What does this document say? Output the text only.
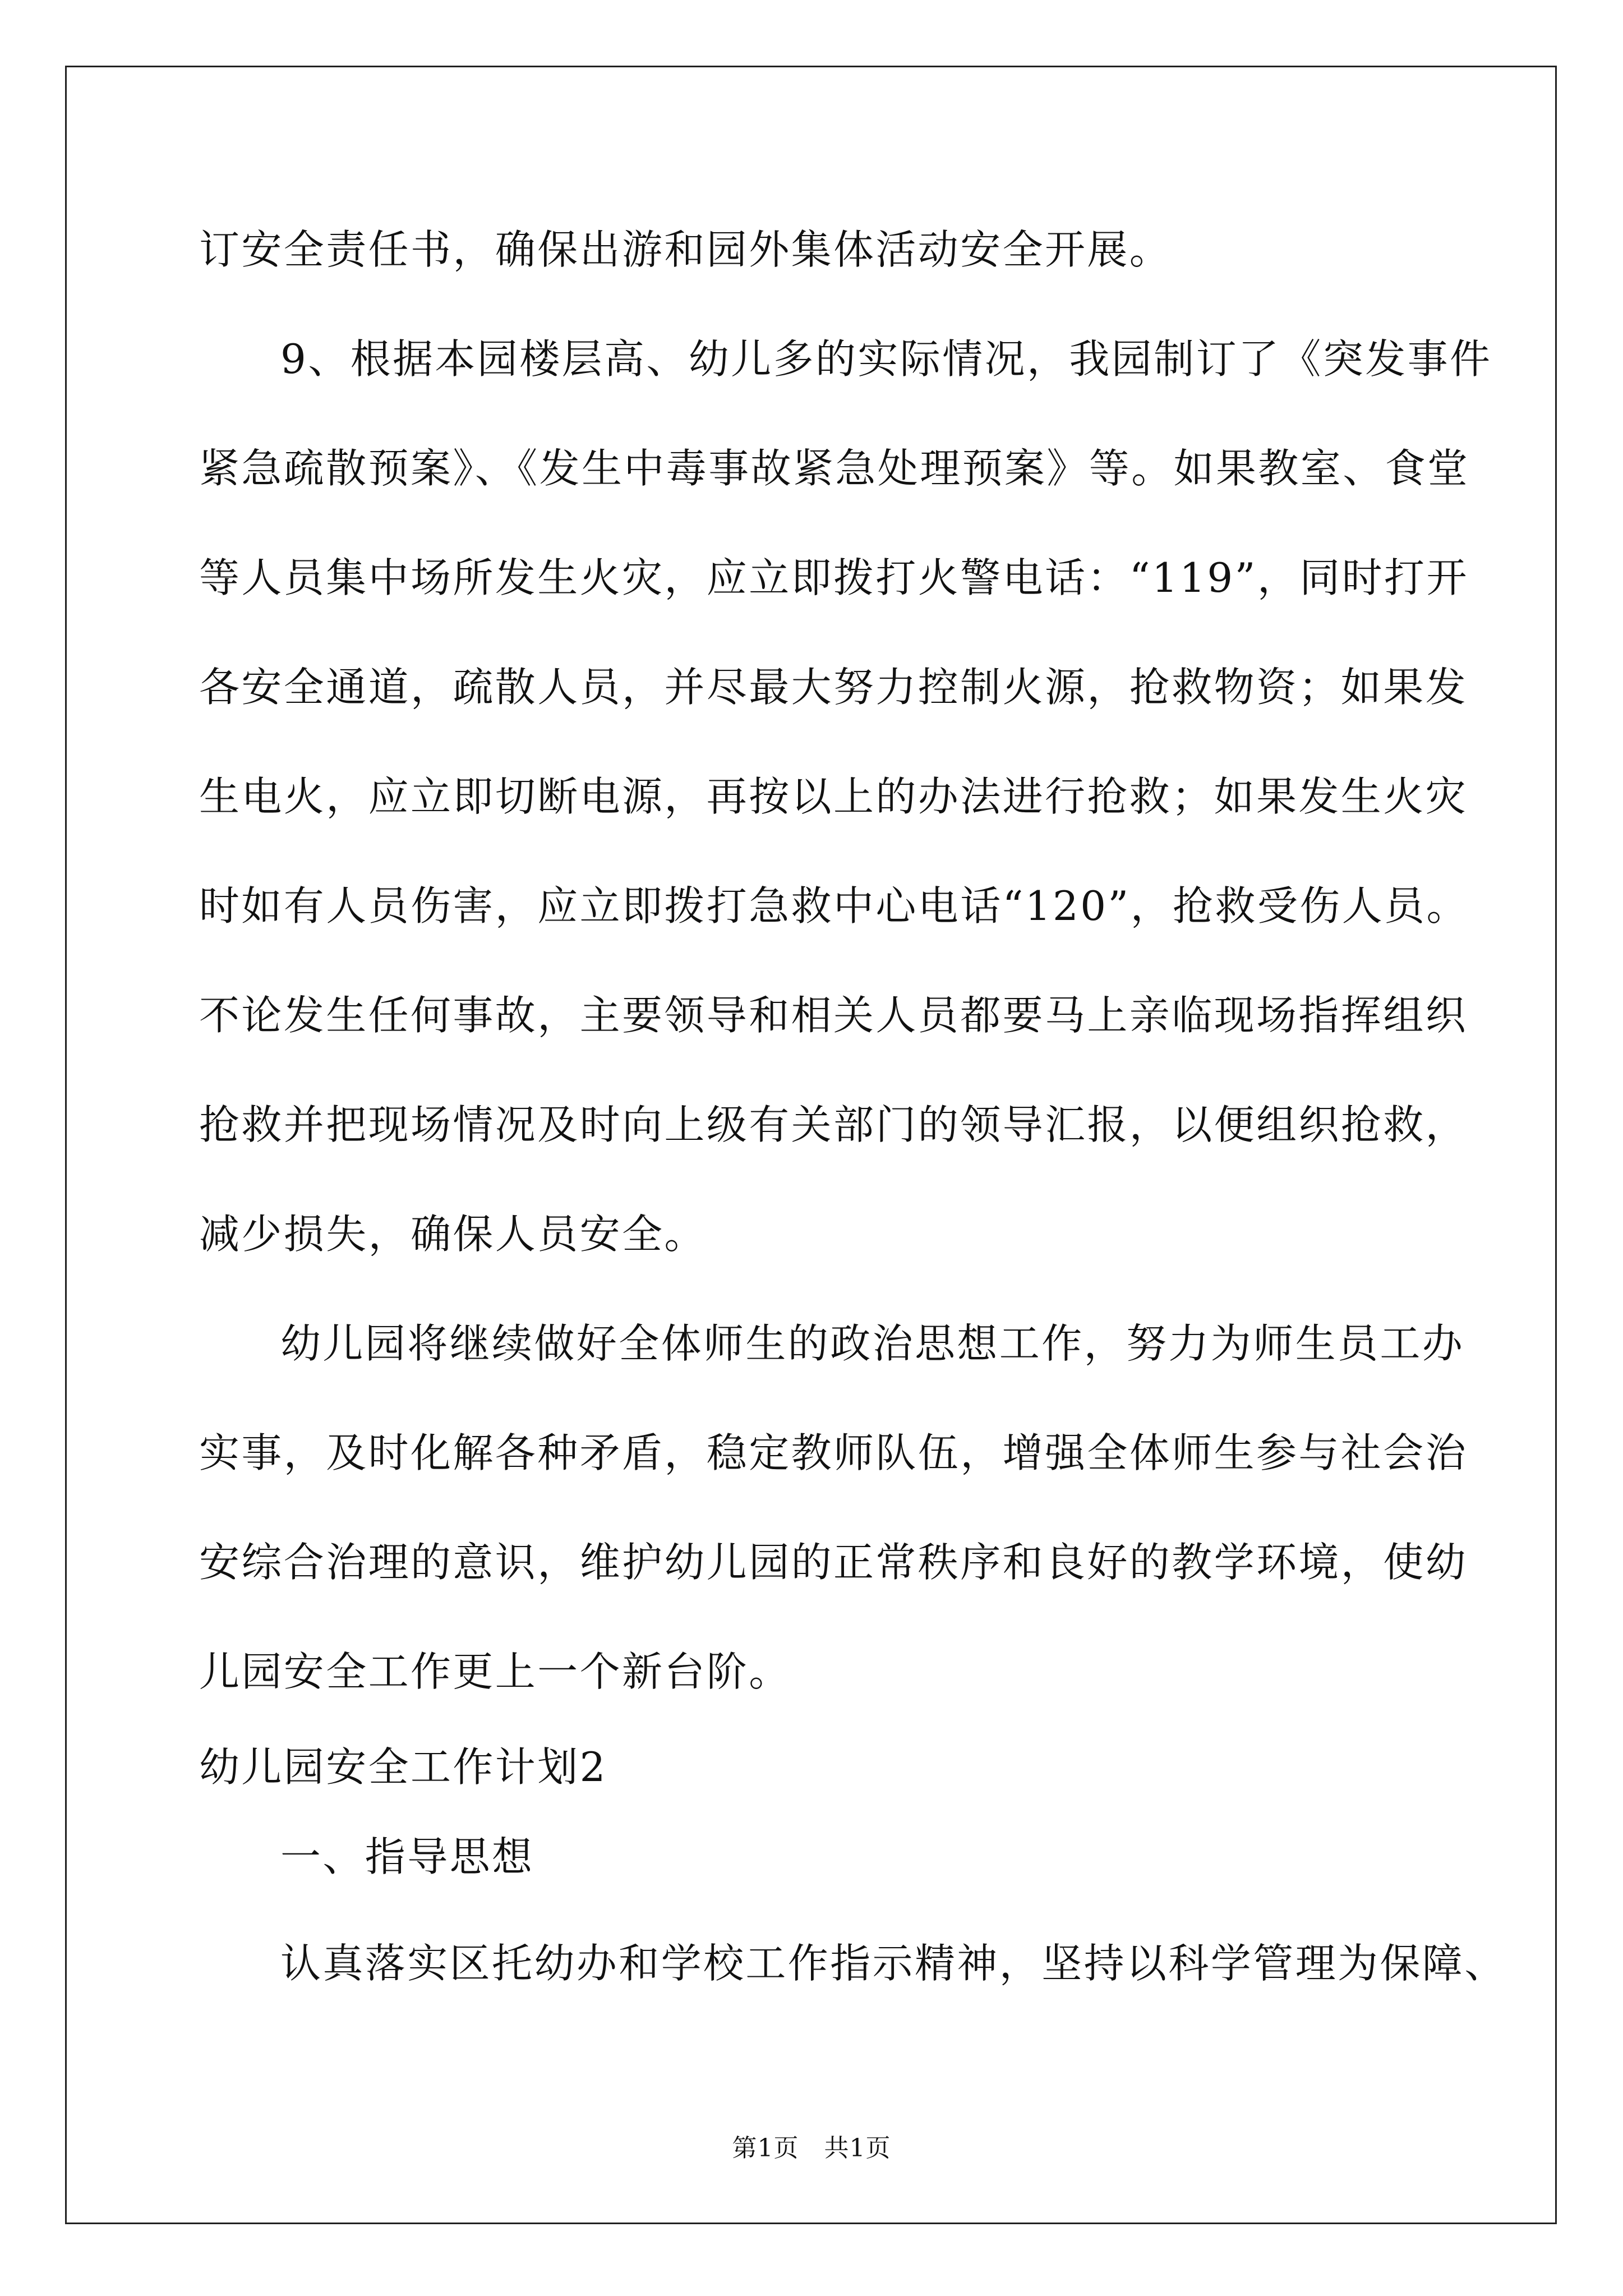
订安全责任书，确保出游和园外集体活动安全开展。
9、根据本园楼层高、幼儿多的实际情况，我园制订了《突发事件
紧急疏散预案》、《发生中毒事故紧急处理预案》等。如果教室、食堂
等人员集中场所发生火灾，应立即拨打火警电话：“119”，同时打开
各安全通道，疏散人员，并尽最大努力控制火源，抢救物资；如果发
生电火，应立即切断电源，再按以上的办法进行抢救；如果发生火灾
时如有人员伤害，应立即拨打急救中心电话“120”，抢救受伤人员。
不论发生任何事故，主要领导和相关人员都要马上亲临现场指挥组织
抢救并把现场情况及时向上级有关部门的领导汇报，以便组织抢救，
减少损失，确保人员安全。
幼儿园将继续做好全体师生的政治思想工作，努力为师生员工办
实事，及时化解各种矛盾，稳定教师队伍，增强全体师生参与社会治
安综合治理的意识，维护幼儿园的正常秩序和良好的教学环境，使幼
儿园安全工作更上一个新台阶。
幼儿园安全工作计划2
一、指导思想
认真落实区托幼办和学校工作指示精神，坚持以科学管理为保障、
第1页　共1页
